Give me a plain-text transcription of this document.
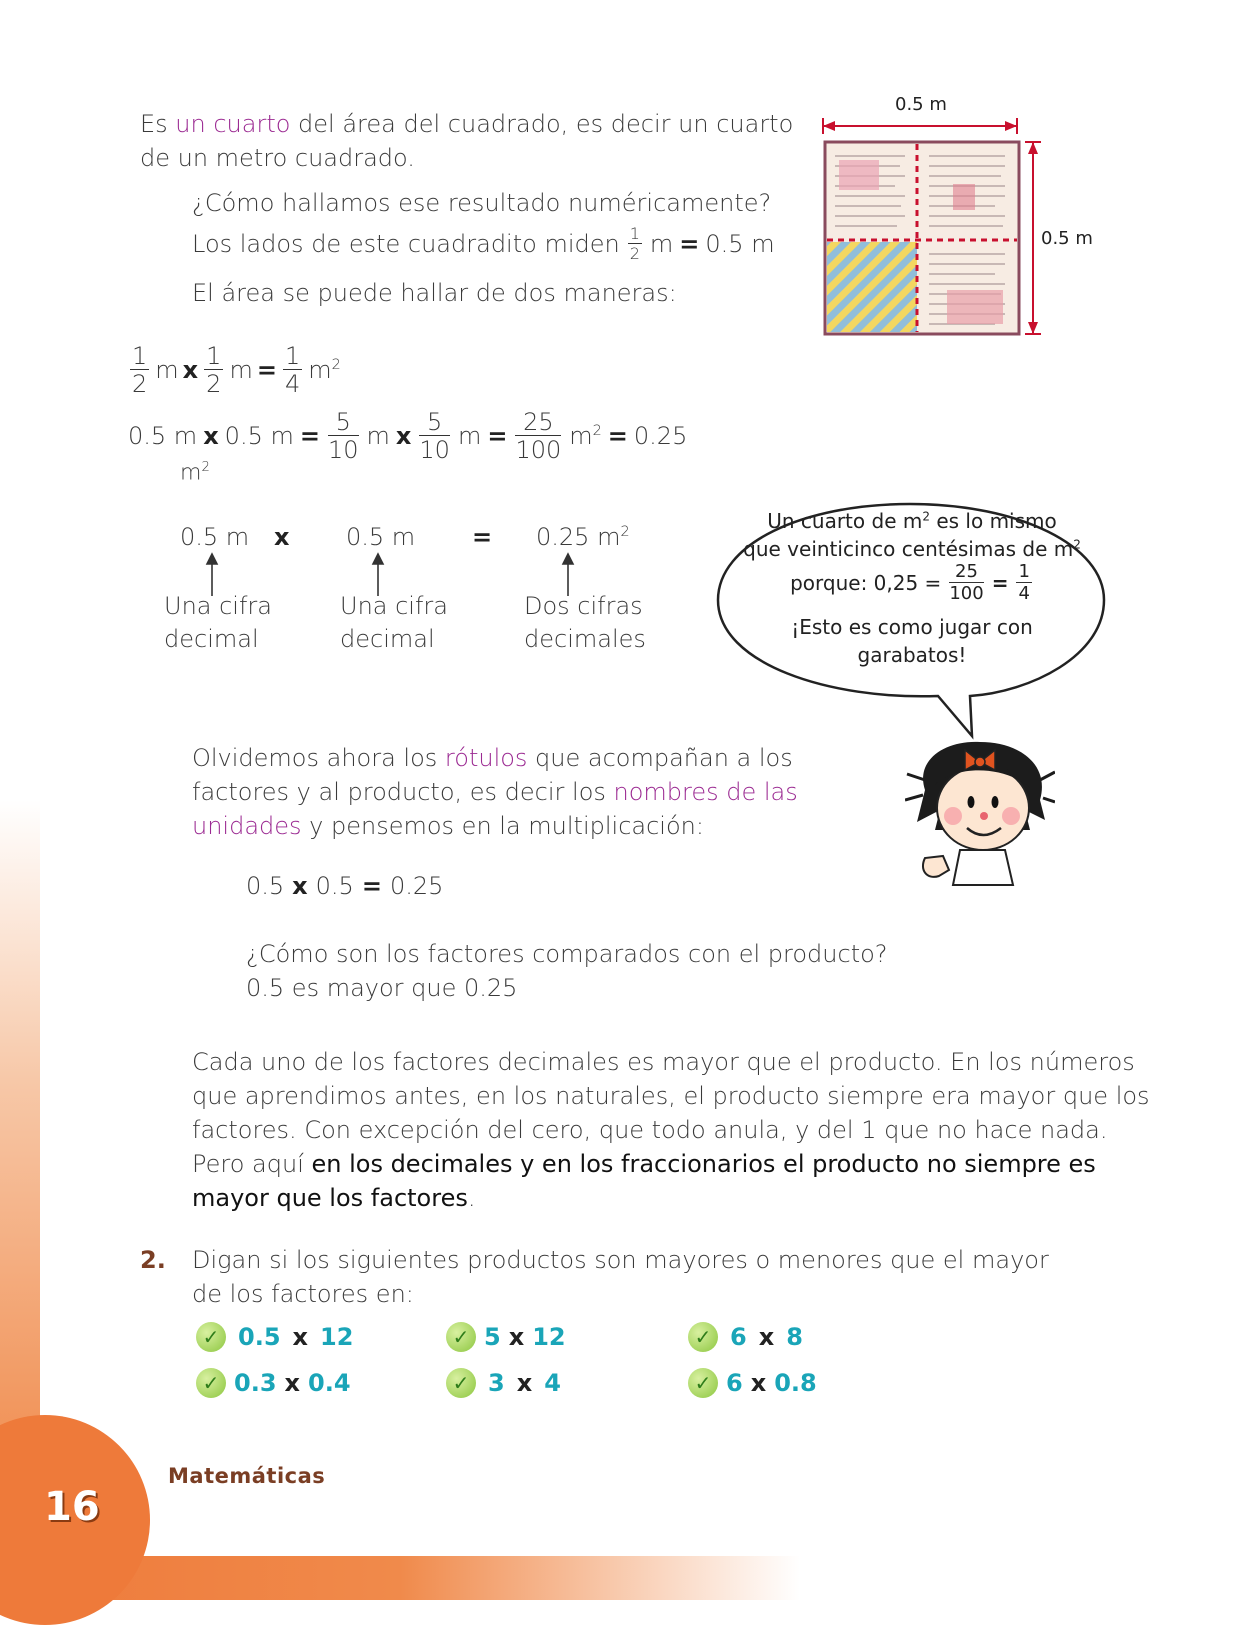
16
Matemáticas
Es un cuarto del área del cuadrado, es decir un cuarto
de un metro cuadrado.
¿Cómo hallamos ese resultado numéricamente?
Los lados de este cuadradito miden $\frac{1}{2}$ m = 0.5 m
El área se puede hallar de dos maneras:
0.5 m
0.5 m
$\frac{1}{2}$ m x $\frac{1}{2}$ $m = \frac{1}{4} m^2$
0.5 m x 0.5 $m = \frac{5}{10}$ m x $\frac{5}{10}$ $m = \frac{25}{100} m^2 = 0.25$
$m^2$
0.5 m x 0.5 m = 0.25 $m^2$
Una cifra
decimal
Una cifra
decimal
Dos cifras
decimales
Un cuarto de $m^2$ es lo mismo
que veinticinco centésimas de $m^2$
porque: $0,25 = \frac{25}{100} = \frac{1}{4}$
¡Esto es como jugar con
garabatos!
Olvidemos ahora los rótulos que acompañan a los
factores y al producto, es decir los nombres de las
unidades y pensemos en la multiplicación:
0.5 x 0.5 = 0.25
¿Cómo son los factores comparados con el producto?
0.5 es mayor que 0.25
Cada uno de los factores decimales es mayor que el producto. En los números
que aprendimos antes, en los naturales, el producto siempre era mayor que los
factores. Con excepción del cero, que todo anula, y del 1 que no hace nada.
Pero aquí en los decimales y en los fraccionarios el producto no siempre es
mayor que los factores.
2. Digan si los siguientes productos son mayores o menores que el mayor
de los factores en:
✓ 0.5 x 12	✓ 5 x 12	✓ 6 x 8
✓ 0.3 x 0.4	✓ 3 x 4	✓ 6 x 0.8
